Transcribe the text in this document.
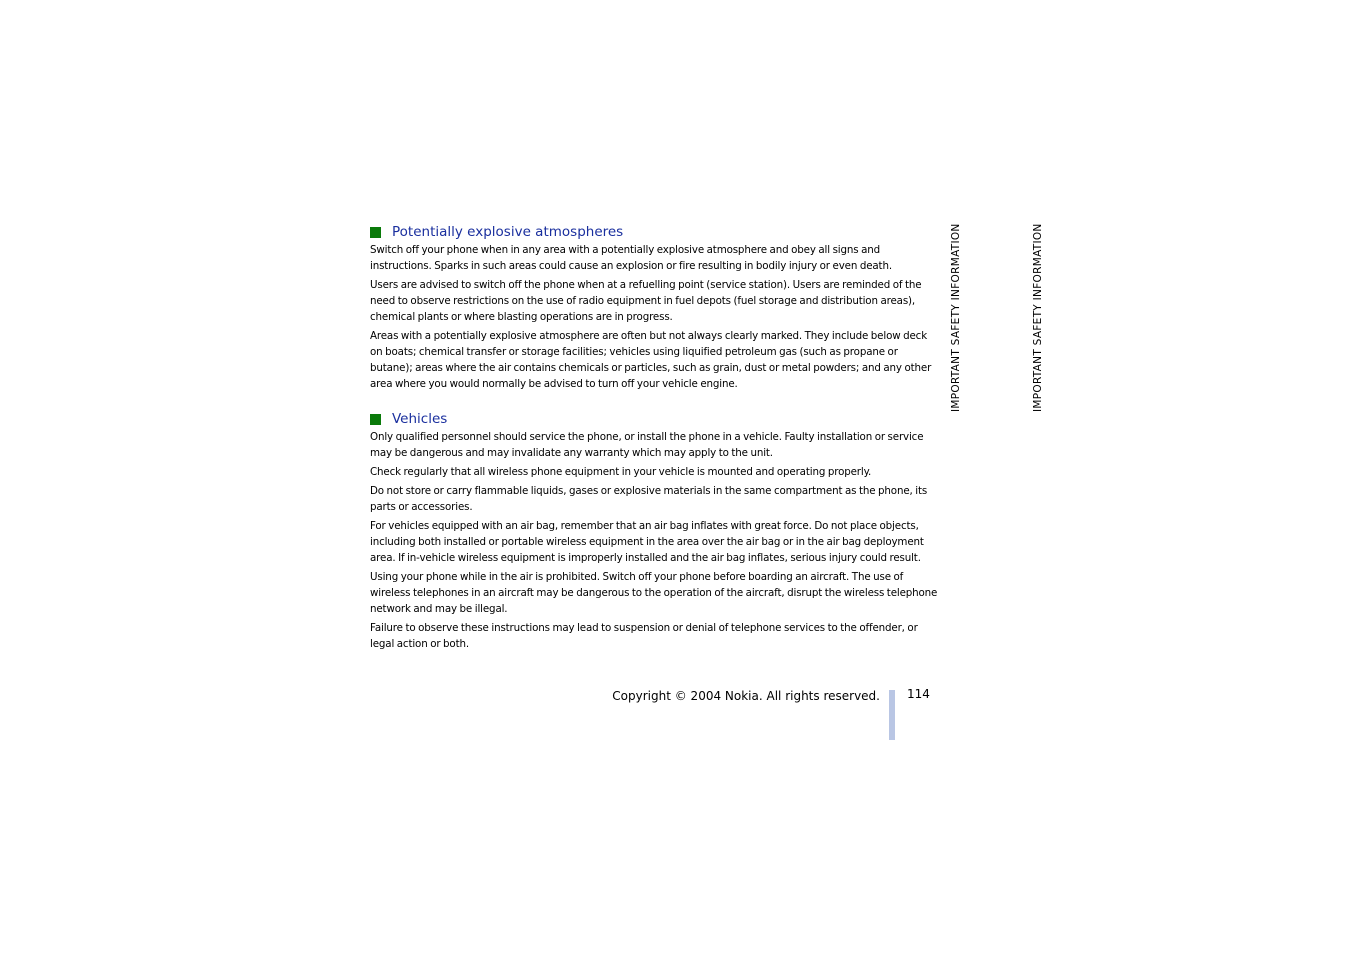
Potentially explosive atmospheres

Switch off your phone when in any area with a potentially explosive atmosphere and obey all signs and instructions. Sparks in such areas could cause an explosion or fire resulting in bodily injury or even death.

Users are advised to switch off the phone when at a refuelling point (service station). Users are reminded of the need to observe restrictions on the use of radio equipment in fuel depots (fuel storage and distribution areas), chemical plants or where blasting operations are in progress.

Areas with a potentially explosive atmosphere are often but not always clearly marked. They include below deck on boats; chemical transfer or storage facilities; vehicles using liquified petroleum gas (such as propane or butane); areas where the air contains chemicals or particles, such as grain, dust or metal powders; and any other area where you would normally be advised to turn off your vehicle engine.

Vehicles

Only qualified personnel should service the phone, or install the phone in a vehicle. Faulty installation or service may be dangerous and may invalidate any warranty which may apply to the unit.

Check regularly that all wireless phone equipment in your vehicle is mounted and operating properly.

Do not store or carry flammable liquids, gases or explosive materials in the same compartment as the phone, its parts or accessories.

For vehicles equipped with an air bag, remember that an air bag inflates with great force. Do not place objects, including both installed or portable wireless equipment in the area over the air bag or in the air bag deployment area. If in-vehicle wireless equipment is improperly installed and the air bag inflates, serious injury could result.

Using your phone while in the air is prohibited. Switch off your phone before boarding an aircraft. The use of wireless telephones in an aircraft may be dangerous to the operation of the aircraft, disrupt the wireless telephone network and may be illegal.

Failure to observe these instructions may lead to suspension or denial of telephone services to the offender, or legal action or both.

IMPORTANT SAFETY INFORMATION	IMPORTANT SAFETY INFORMATION
Copyright © 2004 Nokia. All rights reserved. 114
